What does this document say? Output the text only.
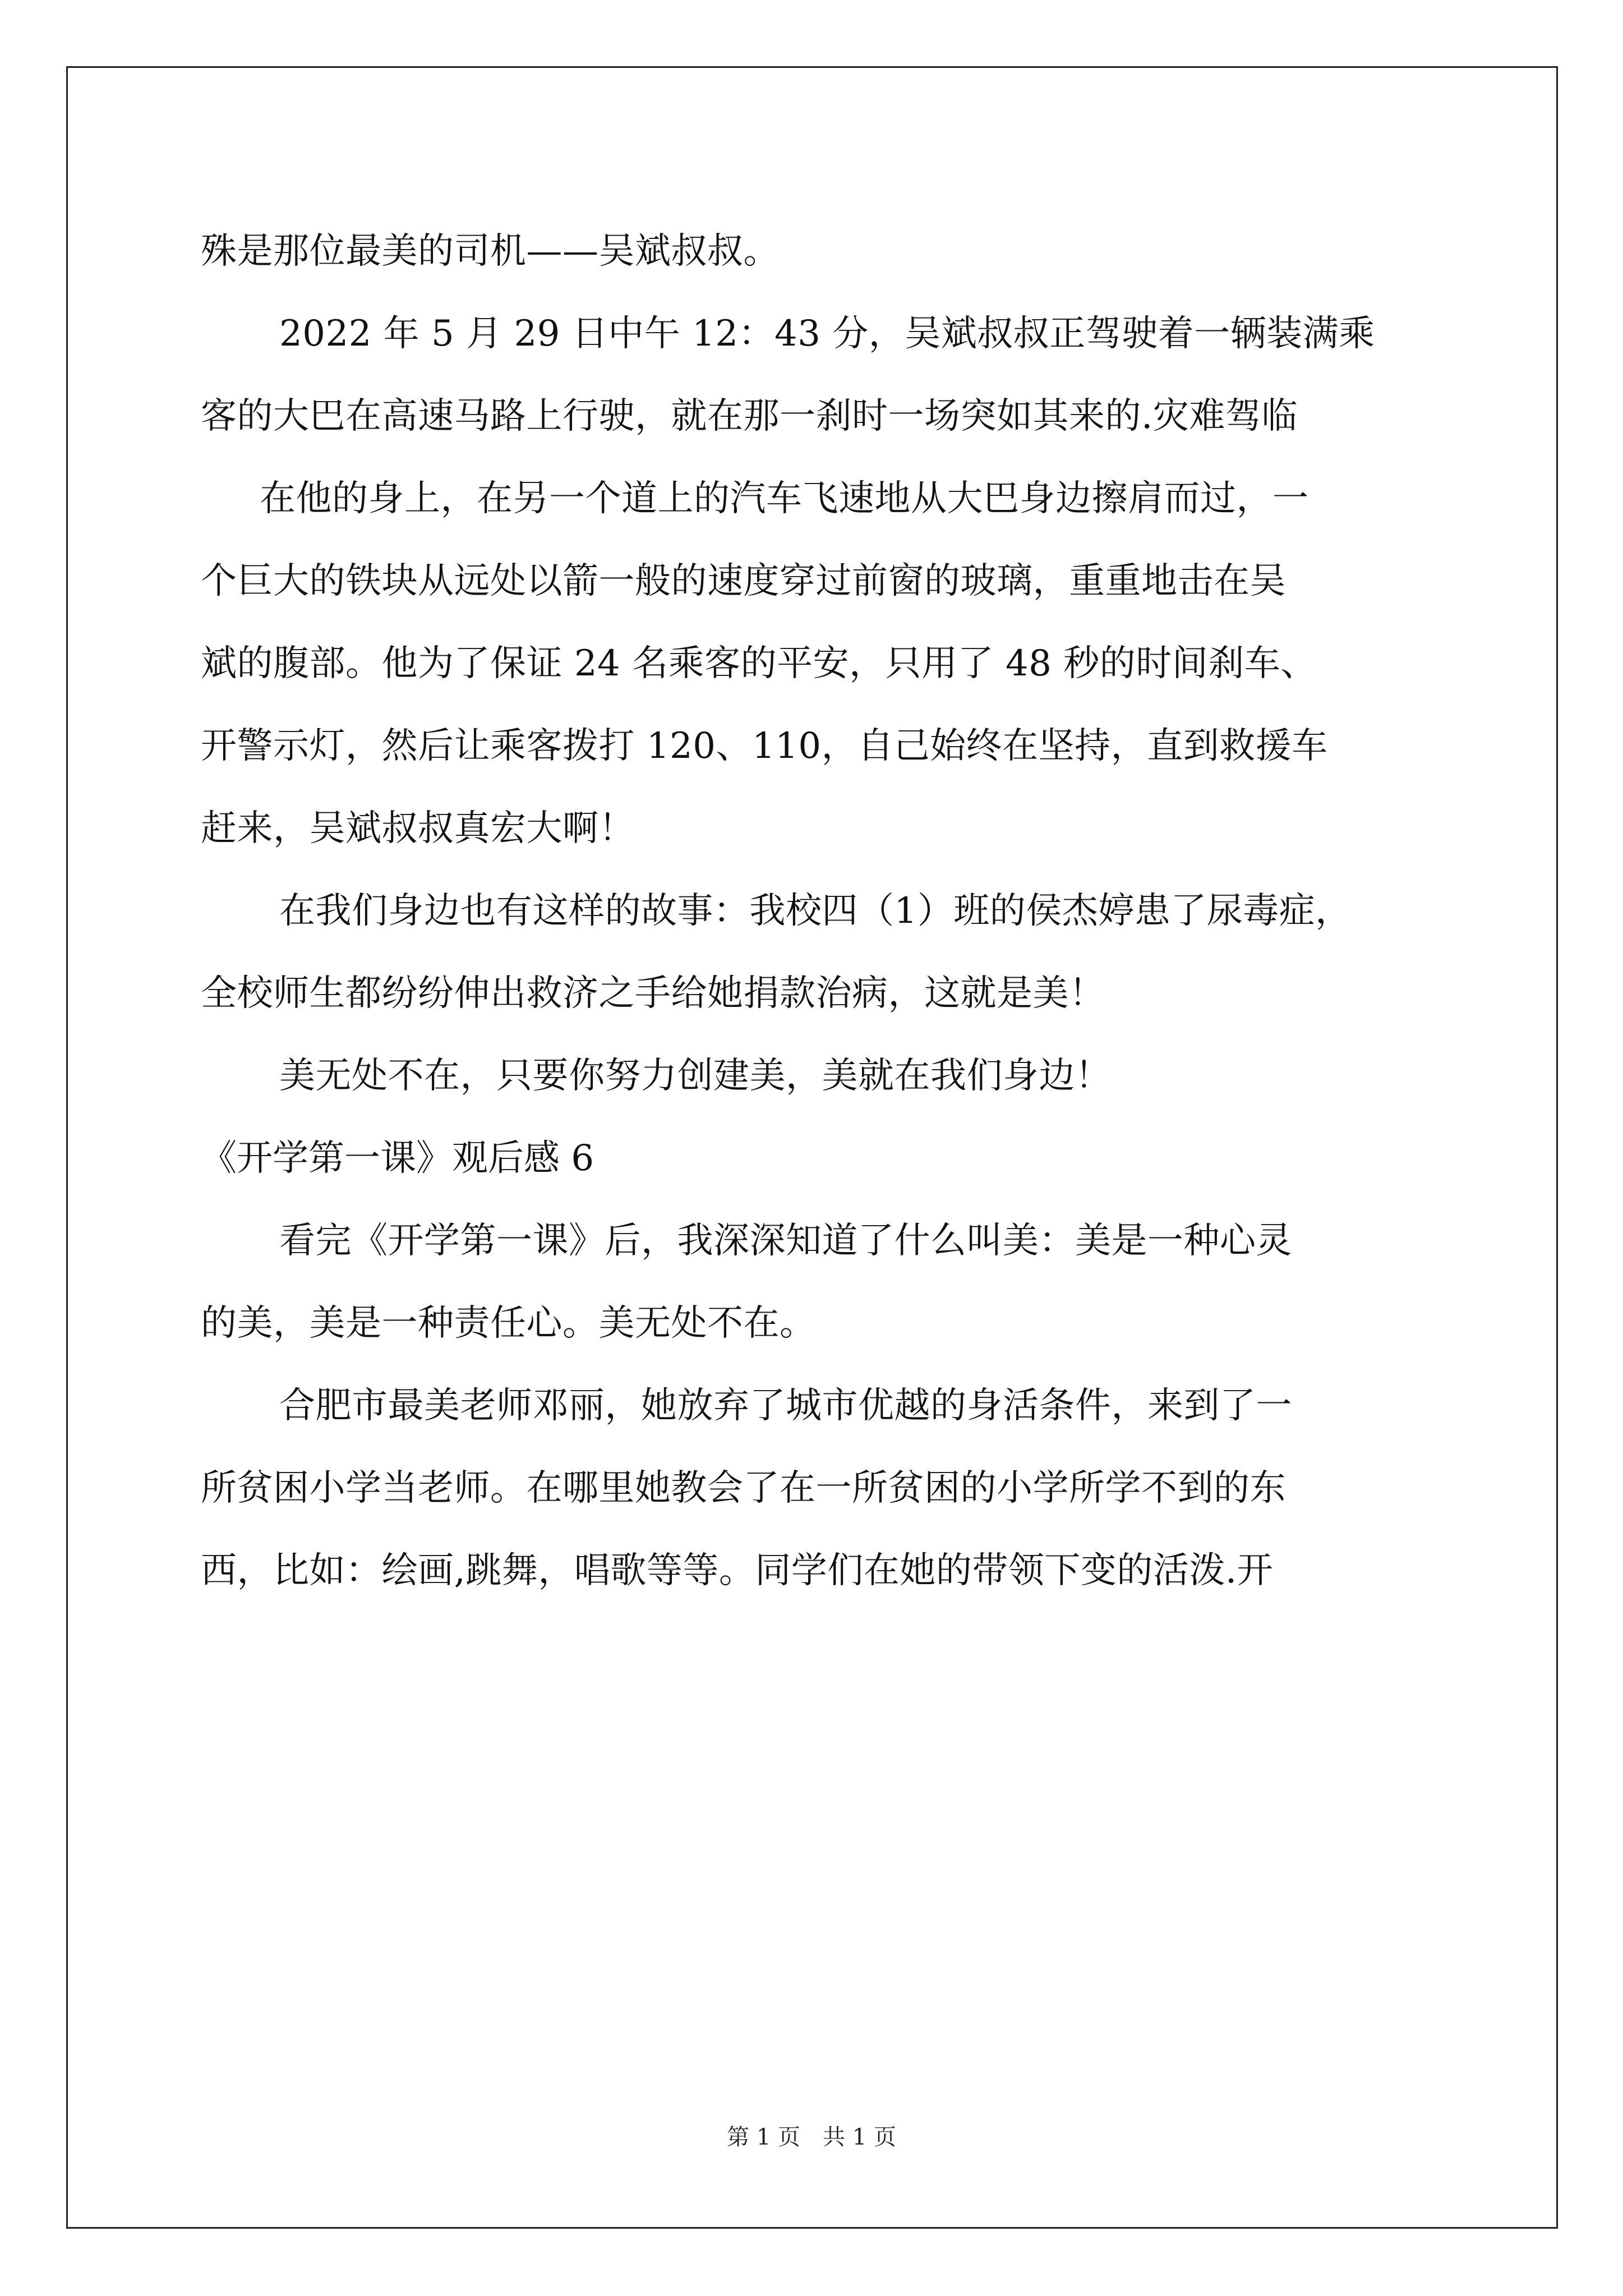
殊是那位最美的司机——吴斌叔叔。
2022 年 5 月 29 日中午 12：43 分，吴斌叔叔正驾驶着一辆装满乘
客的大巴在高速马路上行驶，就在那一刹时一场突如其来的.灾难驾临
在他的身上，在另一个道上的汽车飞速地从大巴身边擦肩而过，一
个巨大的铁块从远处以箭一般的速度穿过前窗的玻璃，重重地击在吴
斌的腹部。他为了保证 24 名乘客的平安，只用了 48 秒的时间刹车、
开警示灯，然后让乘客拨打 120、110，自己始终在坚持，直到救援车
赶来，吴斌叔叔真宏大啊！
在我们身边也有这样的故事：我校四（1）班的侯杰婷患了尿毒症，
全校师生都纷纷伸出救济之手给她捐款治病，这就是美！
美无处不在，只要你努力创建美，美就在我们身边！
《开学第一课》观后感 6
看完《开学第一课》后，我深深知道了什么叫美：美是一种心灵
的美，美是一种责任心。美无处不在。
合肥市最美老师邓丽，她放弃了城市优越的身活条件，来到了一
所贫困小学当老师。在哪里她教会了在一所贫困的小学所学不到的东
西，比如：绘画,跳舞，唱歌等等。同学们在她的带领下变的活泼.开
第 1 页　共 1 页
